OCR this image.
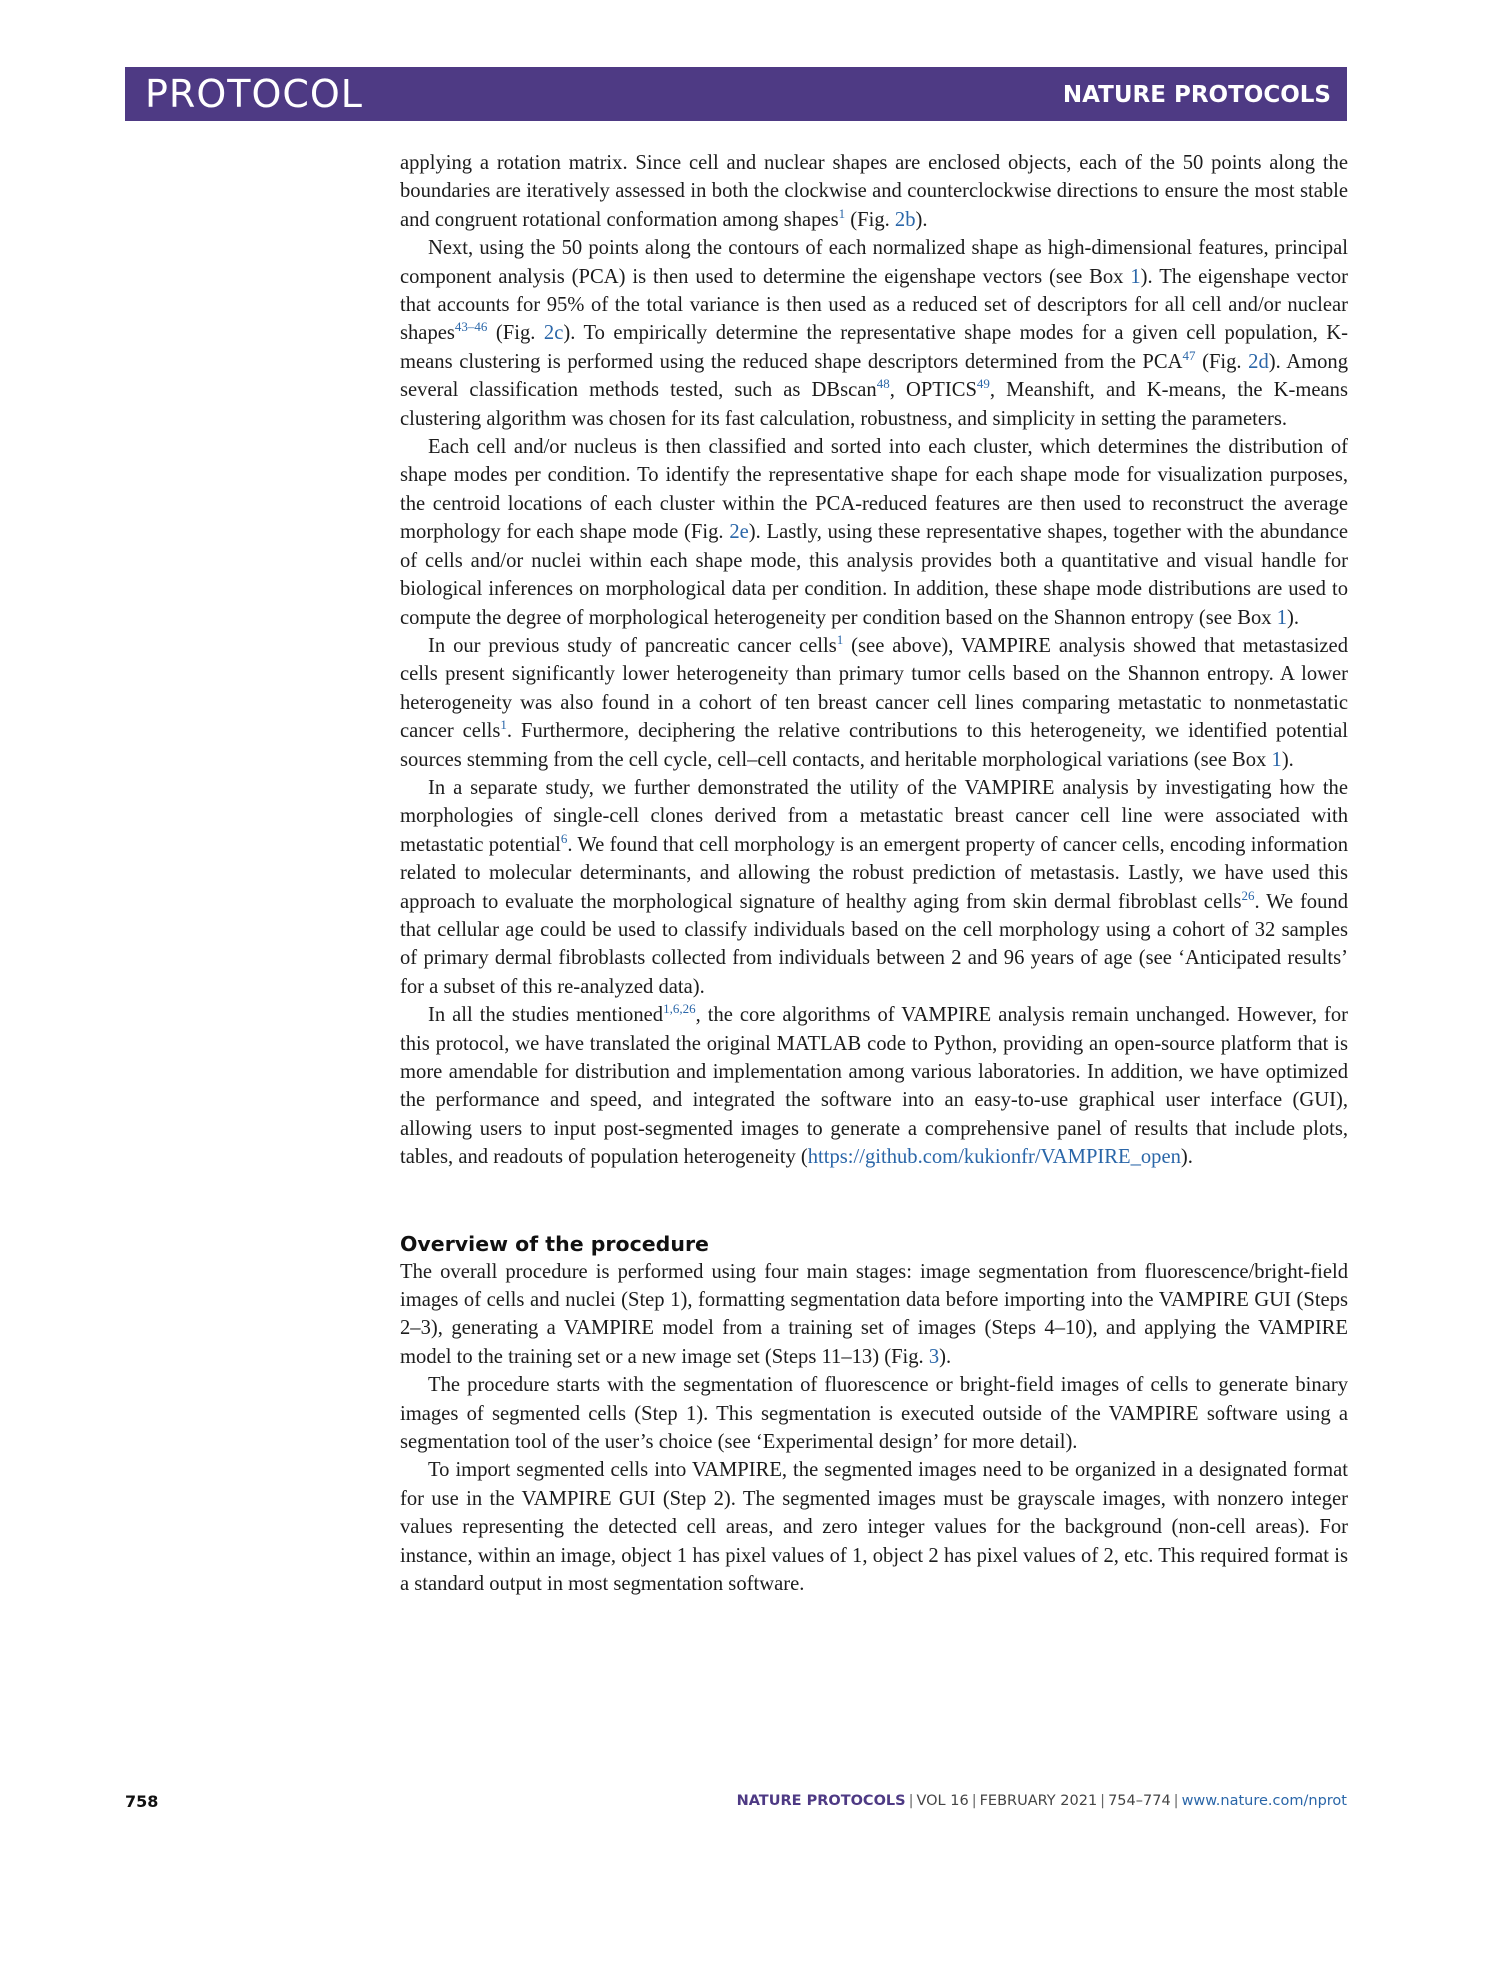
PROTOCOL	NATURE PROTOCOLS

applying a rotation matrix. Since cell and nuclear shapes are enclosed objects, each of the 50 points along the boundaries are iteratively assessed in both the clockwise and counterclockwise directions to ensure the most stable and congruent rotational conformation among shapes$^1$ (Fig. 2b).

Next, using the 50 points along the contours of each normalized shape as high-dimensional features, principal component analysis (PCA) is then used to determine the eigenshape vectors (see Box 1). The eigenshape vector that accounts for 95% of the total variance is then used as a reduced set of descriptors for all cell and/or nuclear shapes$^{43-46}$ (Fig. 2c). To empirically determine the representative shape modes for a given cell population, K-means clustering is performed using the reduced shape descriptors determined from the PCA$^{47}$ (Fig. 2d). Among several classification methods tested, such as DBscan$^{48}$, OPTICS$^{49}$, Meanshift, and K-means, the K-means clustering algorithm was chosen for its fast calculation, robustness, and simplicity in setting the parameters.

Each cell and/or nucleus is then classified and sorted into each cluster, which determines the distribution of shape modes per condition. To identify the representative shape for each shape mode for visualization purposes, the centroid locations of each cluster within the PCA-reduced features are then used to reconstruct the average morphology for each shape mode (Fig. 2e). Lastly, using these representative shapes, together with the abundance of cells and/or nuclei within each shape mode, this analysis provides both a quantitative and visual handle for biological inferences on morphological data per condition. In addition, these shape mode distributions are used to compute the degree of morphological heterogeneity per condition based on the Shannon entropy (see Box 1).

In our previous study of pancreatic cancer cells$^1$ (see above), VAMPIRE analysis showed that metastasized cells present significantly lower heterogeneity than primary tumor cells based on the Shannon entropy. A lower heterogeneity was also found in a cohort of ten breast cancer cell lines comparing metastatic to nonmetastatic cancer cells$^1$. Furthermore, deciphering the relative contributions to this heterogeneity, we identified potential sources stemming from the cell cycle, cell–cell contacts, and heritable morphological variations (see Box 1).

In a separate study, we further demonstrated the utility of the VAMPIRE analysis by investigating how the morphologies of single-cell clones derived from a metastatic breast cancer cell line were associated with metastatic potential$^6$. We found that cell morphology is an emergent property of cancer cells, encoding information related to molecular determinants, and allowing the robust prediction of metastasis. Lastly, we have used this approach to evaluate the morphological signature of healthy aging from skin dermal fibroblast cells$^{26}$. We found that cellular age could be used to classify individuals based on the cell morphology using a cohort of 32 samples of primary dermal fibroblasts collected from individuals between 2 and 96 years of age (see ‘Anticipated results’ for a subset of this re-analyzed data).

In all the studies mentioned$^{1,6,26}$, the core algorithms of VAMPIRE analysis remain unchanged. However, for this protocol, we have translated the original MATLAB code to Python, providing an open-source platform that is more amendable for distribution and implementation among various laboratories. In addition, we have optimized the performance and speed, and integrated the software into an easy-to-use graphical user interface (GUI), allowing users to input post-segmented images to generate a comprehensive panel of results that include plots, tables, and readouts of population heterogeneity (https://github.com/kukionfr/VAMPIRE_open).

Overview of the procedure

The overall procedure is performed using four main stages: image segmentation from fluorescence/bright-field images of cells and nuclei (Step 1), formatting segmentation data before importing into the VAMPIRE GUI (Steps 2–3), generating a VAMPIRE model from a training set of images (Steps 4–10), and applying the VAMPIRE model to the training set or a new image set (Steps 11–13) (Fig. 3).

The procedure starts with the segmentation of fluorescence or bright-field images of cells to generate binary images of segmented cells (Step 1). This segmentation is executed outside of the VAMPIRE software using a segmentation tool of the user’s choice (see ‘Experimental design’ for more detail).

To import segmented cells into VAMPIRE, the segmented images need to be organized in a designated format for use in the VAMPIRE GUI (Step 2). The segmented images must be grayscale images, with nonzero integer values representing the detected cell areas, and zero integer values for the background (non-cell areas). For instance, within an image, object 1 has pixel values of 1, object 2 has pixel values of 2, etc. This required format is a standard output in most segmentation software.

758	NATURE PROTOCOLS | VOL 16 | FEBRUARY 2021 | 754–774 | www.nature.com/nprot
